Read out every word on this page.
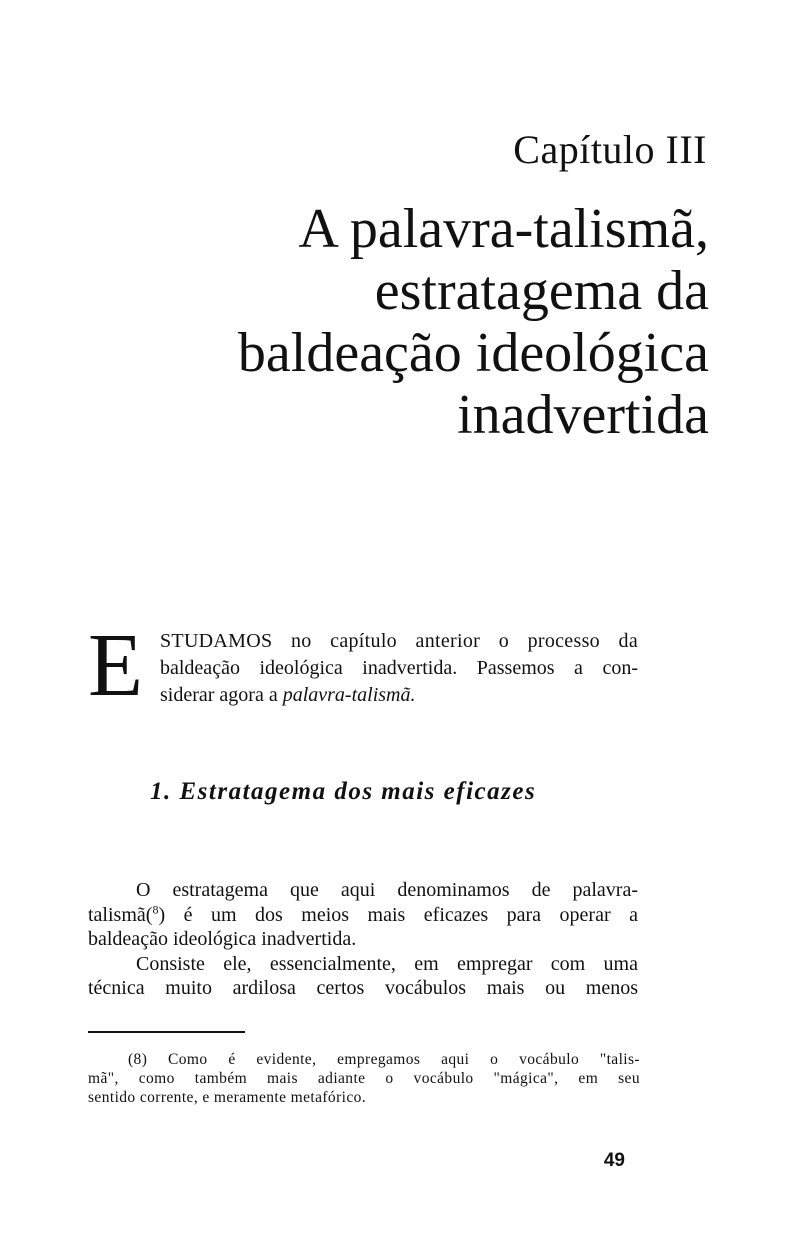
Capítulo III
A palavra-talismã,
estratagema da
baldeação ideológica
inadvertida
E STUDAMOS no capítulo anterior o processo da
baldeação ideológica inadvertida. Passemos a con-
siderar agora a palavra-talismã.
1. Estratagema dos mais eficazes
O estratagema que aqui denominamos de palavra-
talismã($^8$) é um dos meios mais eficazes para operar a
baldeação ideológica inadvertida.
Consiste ele, essencialmente, em empregar com uma
técnica muito ardilosa certos vocábulos mais ou menos
(8) Como é evidente, empregamos aqui o vocábulo "talis-
mã", como também mais adiante o vocábulo "mágica", em seu
sentido corrente, e meramente metafórico.
49
